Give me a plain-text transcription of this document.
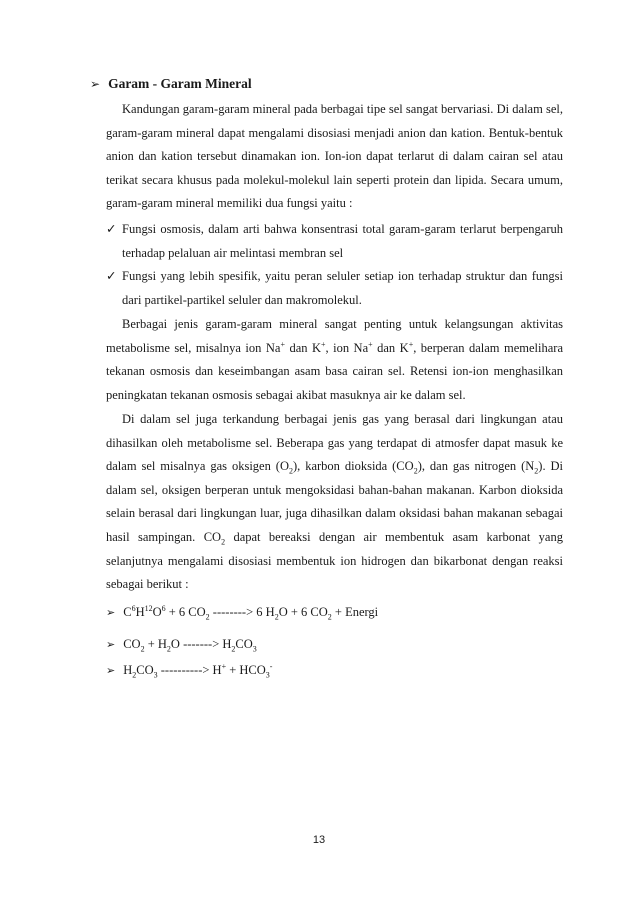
➢ Garam - Garam Mineral
Kandungan garam-garam mineral pada berbagai tipe sel sangat bervariasi. Di dalam sel, garam-garam mineral dapat mengalami disosiasi menjadi anion dan kation. Bentuk-bentuk anion dan kation tersebut dinamakan ion. Ion-ion dapat terlarut di dalam cairan sel atau terikat secara khusus pada molekul-molekul lain seperti protein dan lipida. Secara umum, garam-garam mineral memiliki dua fungsi yaitu :
✓ Fungsi osmosis, dalam arti bahwa konsentrasi total garam-garam terlarut berpengaruh terhadap pelaluan air melintasi membran sel
✓ Fungsi yang lebih spesifik, yaitu peran seluler setiap ion terhadap struktur dan fungsi dari partikel-partikel seluler dan makromolekul.
Berbagai jenis garam-garam mineral sangat penting untuk kelangsungan aktivitas metabolisme sel, misalnya ion Na+ dan K+, ion Na+ dan K+, berperan dalam memelihara tekanan osmosis dan keseimbangan asam basa cairan sel. Retensi ion-ion menghasilkan peningkatan tekanan osmosis sebagai akibat masuknya air ke dalam sel.
Di dalam sel juga terkandung berbagai jenis gas yang berasal dari lingkungan atau dihasilkan oleh metabolisme sel. Beberapa gas yang terdapat di atmosfer dapat masuk ke dalam sel misalnya gas oksigen $(O_2)$, karbon dioksida $(CO_2)$, dan gas nitrogen $(N_2)$. Di dalam sel, oksigen berperan untuk mengoksidasi bahan-bahan makanan. Karbon dioksida selain berasal dari lingkungan luar, juga dihasilkan dalam oksidasi bahan makanan sebagai hasil sampingan. $CO_2$ dapat bereaksi dengan air membentuk asam karbonat yang selanjutnya mengalami disosiasi membentuk ion hidrogen dan bikarbonat dengan reaksi sebagai berikut :
➢ $C^6H^{12}O^6 + 6$ $CO_2$ --------> 6 $H_2O + 6$ $CO_2$ + Energi
➢ $CO_2 + H_2O$ -------> $H_2CO_3$
➢ $H_2CO_3$ ----------> $H^+ + HCO_3^-$
13
